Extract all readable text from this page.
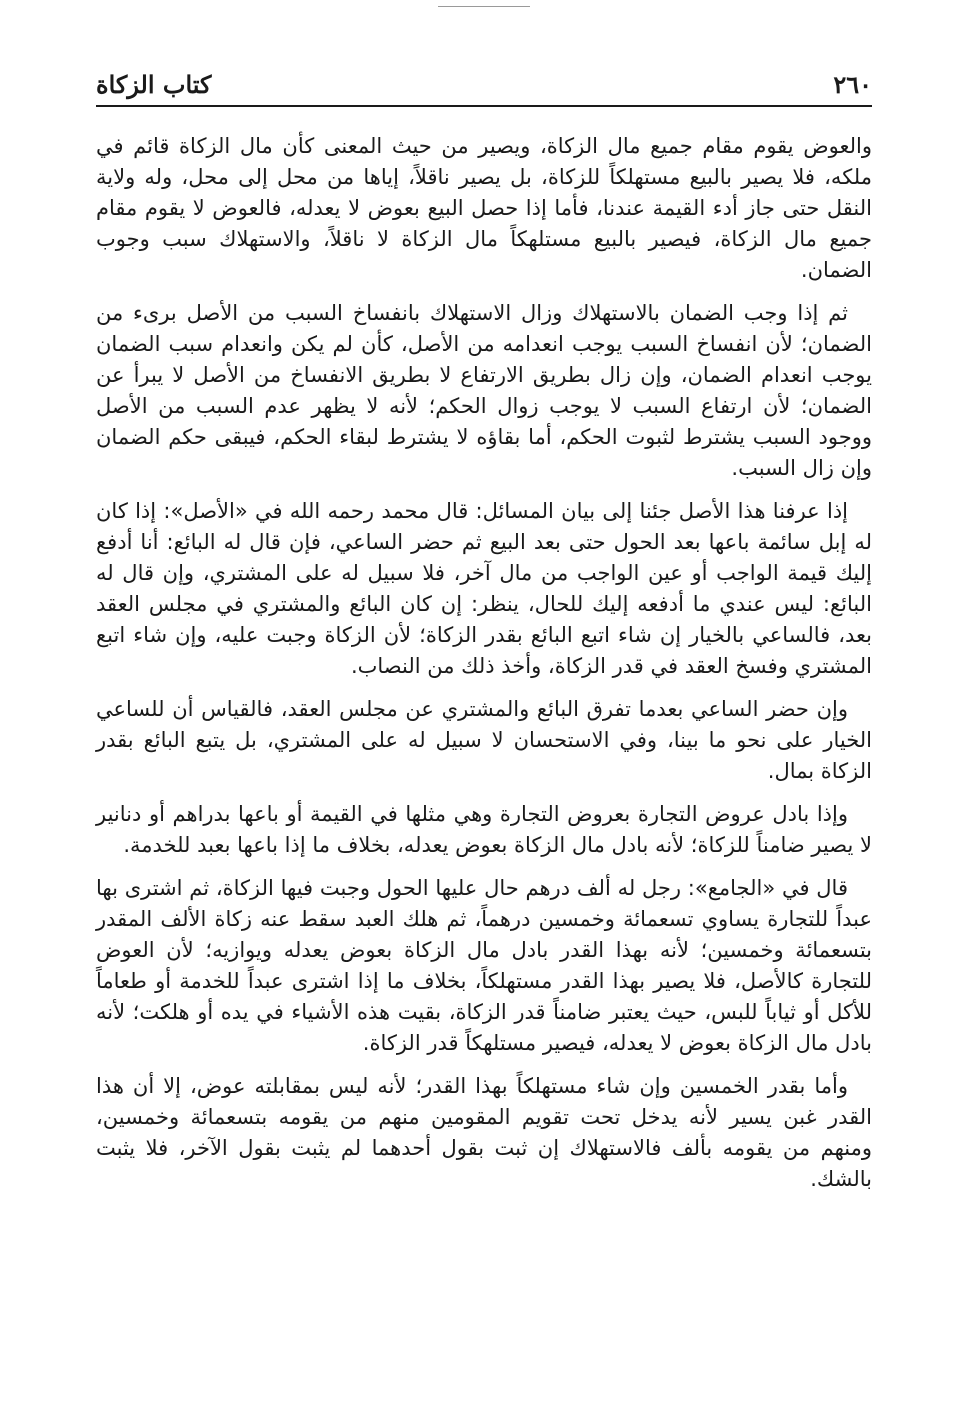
٢٦٠
كتاب الزكاة

والعوض يقوم مقام جميع مال الزكاة، ويصير من حيث المعنى كأن مال الزكاة قائم في ملكه، فلا يصير بالبيع مستهلكاً للزكاة، بل يصير ناقلاً، إياها من محل إلى محل، وله ولاية النقل حتى جاز أدء القيمة عندنا، فأما إذا حصل البيع بعوض لا يعدله، فالعوض لا يقوم مقام جميع مال الزكاة، فيصير بالبيع مستلهكاً مال الزكاة لا ناقلاً، والاستهلاك سبب وجوب الضمان.

ثم إذا وجب الضمان بالاستهلاك وزال الاستهلاك بانفساخ السبب من الأصل برىء من الضمان؛ لأن انفساخ السبب يوجب انعدامه من الأصل، كأن لم يكن وانعدام سبب الضمان يوجب انعدام الضمان، وإن زال بطريق الارتفاع لا بطريق الانفساخ من الأصل لا يبرأ عن الضمان؛ لأن ارتفاع السبب لا يوجب زوال الحكم؛ لأنه لا يظهر عدم السبب من الأصل ووجود السبب يشترط لثبوت الحكم، أما بقاؤه لا يشترط لبقاء الحكم، فيبقى حكم الضمان وإن زال السبب.

إذا عرفنا هذا الأصل جئنا إلى بيان المسائل: قال محمد رحمه الله في «الأصل»: إذا كان له إبل سائمة باعها بعد الحول حتى بعد البيع ثم حضر الساعي، فإن قال له البائع: أنا أدفع إليك قيمة الواجب أو عين الواجب من مال آخر، فلا سبيل له على المشتري، وإن قال له البائع: ليس عندي ما أدفعه إليك للحال، ينظر: إن كان البائع والمشتري في مجلس العقد بعد، فالساعي بالخيار إن شاء اتبع البائع بقدر الزكاة؛ لأن الزكاة وجبت عليه، وإن شاء اتبع المشتري وفسخ العقد في قدر الزكاة، وأخذ ذلك من النصاب.

وإن حضر الساعي بعدما تفرق البائع والمشتري عن مجلس العقد، فالقياس أن للساعي الخيار على نحو ما بينا، وفي الاستحسان لا سبيل له على المشتري، بل يتبع البائع بقدر الزكاة بمال.

وإذا بادل عروض التجارة بعروض التجارة وهي مثلها في القيمة أو باعها بدراهم أو دنانير لا يصير ضامناً للزكاة؛ لأنه بادل مال الزكاة بعوض يعدله، بخلاف ما إذا باعها بعبد للخدمة.

قال في «الجامع»: رجل له ألف درهم حال عليها الحول وجبت فيها الزكاة، ثم اشترى بها عبداً للتجارة يساوي تسعمائة وخمسين درهماً، ثم هلك العبد سقط عنه زكاة الألف المقدر بتسعمائة وخمسين؛ لأنه بهذا القدر بادل مال الزكاة بعوض يعدله ويوازيه؛ لأن العوض للتجارة كالأصل، فلا يصير بهذا القدر مستهلكاً، بخلاف ما إذا اشترى عبداً للخدمة أو طعاماً للأكل أو ثياباً للبس، حيث يعتبر ضامناً قدر الزكاة، بقيت هذه الأشياء في يده أو هلكت؛ لأنه بادل مال الزكاة بعوض لا يعدله، فيصير مستلهكاً قدر الزكاة.

وأما بقدر الخمسين وإن شاء مستهلكاً بهذا القدر؛ لأنه ليس بمقابلته عوض، إلا أن هذا القدر غبن يسير لأنه يدخل تحت تقويم المقومين منهم من يقومه بتسعمائة وخمسين، ومنهم من يقومه بألف فالاستهلاك إن ثبت بقول أحدهما لم يثبت بقول الآخر، فلا يثبت بالشك.
